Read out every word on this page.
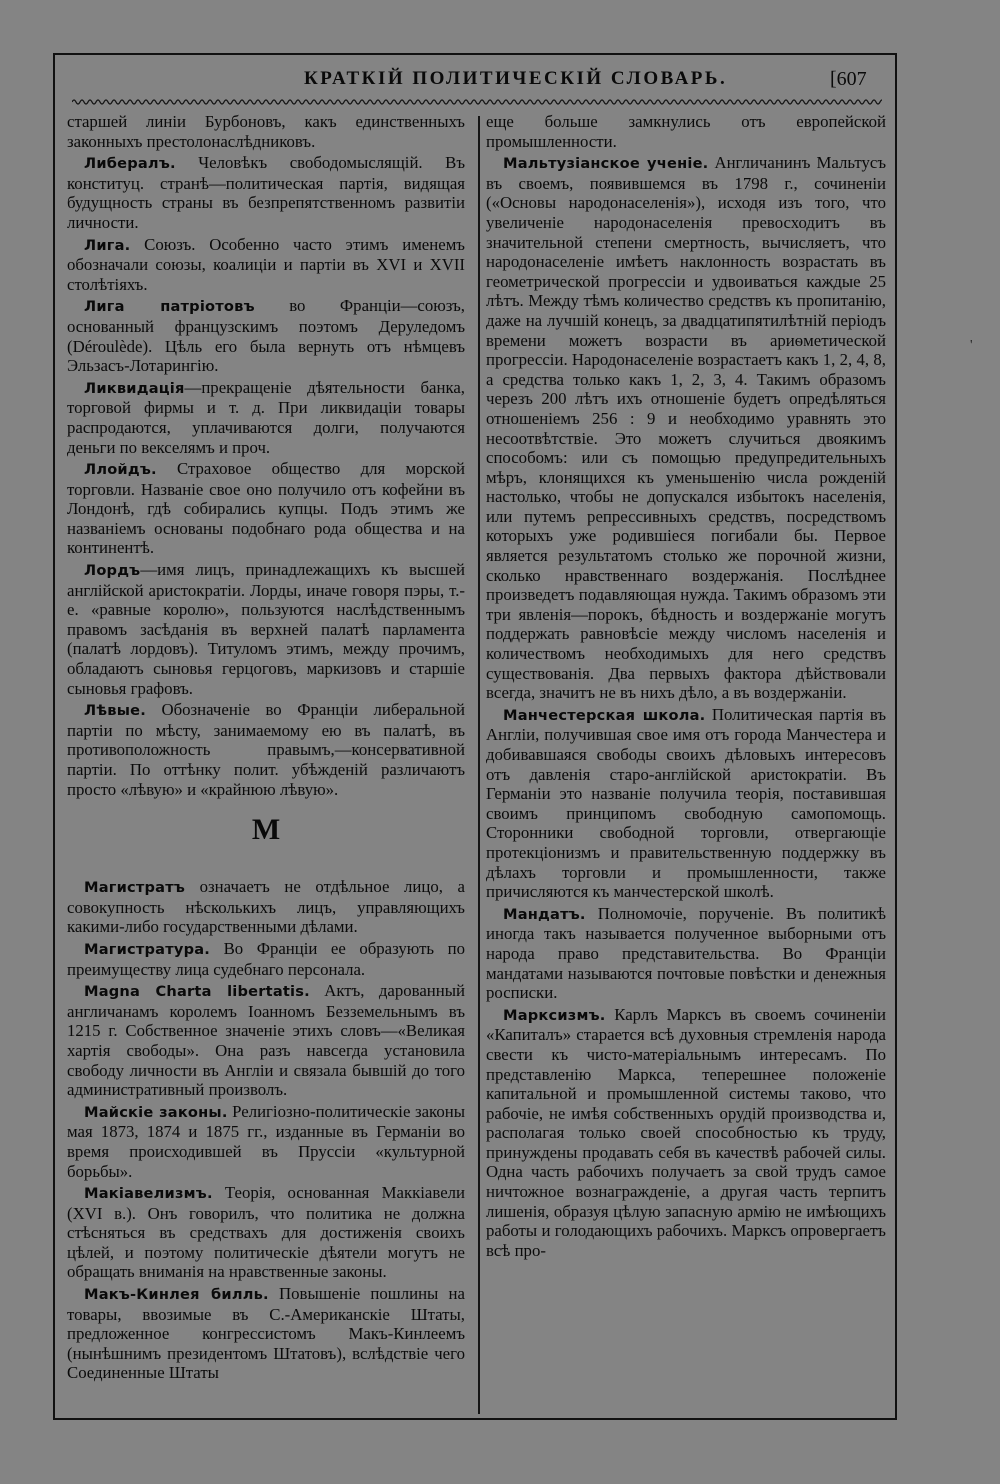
КРАТКІЙ ПОЛИТИЧЕСКІЙ СЛОВАРЬ.	[607
старшей линіи Бурбоновъ, какъ единственныхъ законныхъ престолонаслѣдниковъ.
Либералъ. Человѣкъ свободомыслящій. Въ конституц. странѣ—политическая партія, видящая будущность страны въ безпрепятственномъ развитіи личности.
Лига. Союзъ. Особенно часто этимъ именемъ обозначали союзы, коалиціи и партіи въ XVI и XVII столѣтіяхъ.
Лига патріотовъ во Франціи—союзъ, основанный французскимъ поэтомъ Деруледомъ (Déroulède). Цѣль его была вернуть отъ нѣмцевъ Эльзасъ-Лотарингію.
Ликвидація—прекращеніе дѣятельности банка, торговой фирмы и т. д. При ликвидаціи товары распродаются, уплачиваются долги, получаются деньги по векселямъ и проч.
Ллойдъ. Страховое общество для морской торговли. Названіе свое оно получило отъ кофейни въ Лондонѣ, гдѣ собирались купцы. Подъ этимъ же названіемъ основаны подобнаго рода общества и на континентѣ.
Лордъ—имя лицъ, принадлежащихъ къ высшей англійской аристократіи. Лорды, иначе говоря пэры, т.-е. «равные королю», пользуются наслѣдственнымъ правомъ засѣданія въ верхней палатѣ парламента (палатѣ лордовъ). Титуломъ этимъ, между прочимъ, обладаютъ сыновья герцоговъ, маркизовъ и старшіе сыновья графовъ.
Лѣвые. Обозначеніе во Франціи либеральной партіи по мѣсту, занимаемому ею въ палатѣ, въ противоположность правымъ,—консервативной партіи. По оттѣнку полит. убѣжденій различаютъ просто «лѣвую» и «крайнюю лѣвую».
М
Магистратъ означаетъ не отдѣльное лицо, а совокупность нѣсколькихъ лицъ, управляющихъ какими-либо государственными дѣлами.
Магистратура. Во Франціи ее образують по преимуществу лица судебнаго персонала.
Magna Charta libertatis. Актъ, дарованный англичанамъ королемъ Іоанномъ Безземельнымъ въ 1215 г. Собственное значеніе этихъ словъ—«Великая хартія свободы». Она разъ навсегда установила свободу личности въ Англіи и связала бывшій до того административный произволъ.
Майскіе законы. Религіозно-политическіе законы мая 1873, 1874 и 1875 гг., изданные въ Германіи во время происходившей въ Пруссіи «культурной борьбы».
Макіавелизмъ. Теорія, основанная Маккіавели (XVI в.). Онъ говорилъ, что политика не должна стѣсняться въ средствахъ для достиженія своихъ цѣлей, и поэтому политическіе дѣятели могутъ не обращать вниманія на нравственные законы.
Макъ-Кинлея билль. Повышеніе пошлины на товары, ввозимые въ С.-Американскіе Штаты, предложенное конгрессистомъ Макъ-Кинлеемъ (нынѣшнимъ президентомъ Штатовъ), вслѣдствіе чего Соединенные Штаты
еще больше замкнулись отъ европейской промышленности.
Мальтузіанское ученіе. Англичанинъ Мальтусъ въ своемъ, появившемся въ 1798 г., сочиненіи («Основы народонаселенія»), исходя изъ того, что увеличеніе народонаселенія превосходитъ въ значительной степени смертность, вычисляетъ, что народонаселеніе имѣетъ наклонность возрастать въ геометрической прогрессіи и удвоиваться каждые 25 лѣтъ. Между тѣмъ количество средствъ къ пропитанію, даже на лучшій конецъ, за двадцатипятилѣтній періодъ времени можетъ возрасти въ ариѳметической прогрессіи. Народонаселеніе возрастаетъ какъ 1, 2, 4, 8, а средства только какъ 1, 2, 3, 4. Такимъ образомъ черезъ 200 лѣтъ ихъ отношеніе будетъ опредѣляться отношеніемъ 256 : 9 и необходимо уравнять это несоотвѣтствіе. Это можетъ случиться двоякимъ способомъ: или съ помощью предупредительныхъ мѣръ, клонящихся къ уменьшенію числа рожденій настолько, чтобы не допускался избытокъ населенія, или путемъ репрессивныхъ средствъ, посредствомъ которыхъ уже родившіеся погибали бы. Первое является результатомъ столько же порочной жизни, сколько нравственнаго воздержанія. Послѣднее произведетъ подавляющая нужда. Такимъ образомъ эти три явленія—порокъ, бѣдность и воздержаніе могутъ поддержать равновѣсіе между числомъ населенія и количествомъ необходимыхъ для него средствъ существованія. Два первыхъ фактора дѣйствовали всегда, значитъ не въ нихъ дѣло, а въ воздержаніи.
Манчестерская школа. Политическая партія въ Англіи, получившая свое имя отъ города Манчестера и добивавшаяся свободы своихъ дѣловыхъ интересовъ отъ давленія старо-англійской аристократіи. Въ Германіи это названіе получила теорія, поставившая своимъ принципомъ свободную самопомощь. Сторонники свободной торговли, отвергающіе протекціонизмъ и правительственную поддержку въ дѣлахъ торговли и промышленности, также причисляются къ манчестерской школѣ.
Мандатъ. Полномочіе, порученіе. Въ политикѣ иногда такъ называется полученное выборными отъ народа право представительства. Во Франціи мандатами называются почтовые повѣстки и денежныя росписки.
Марксизмъ. Карлъ Марксъ въ своемъ сочиненіи «Капиталъ» старается всѣ духовныя стремленія народа свести къ чисто-матеріальнымъ интересамъ. По представленію Маркса, теперешнее положеніе капитальной и промышленной системы таково, что рабочіе, не имѣя собственныхъ орудій производства и, располагая только своей способностью къ труду, принуждены продавать себя въ качествѣ рабочей силы. Одна часть рабочихъ получаетъ за свой трудъ самое ничтожное вознагражденіе, а другая часть терпитъ лишенія, образуя цѣлую запасную армію не имѣющихъ работы и голодающихъ рабочихъ. Марксъ опровергаетъ всѣ про-
'
